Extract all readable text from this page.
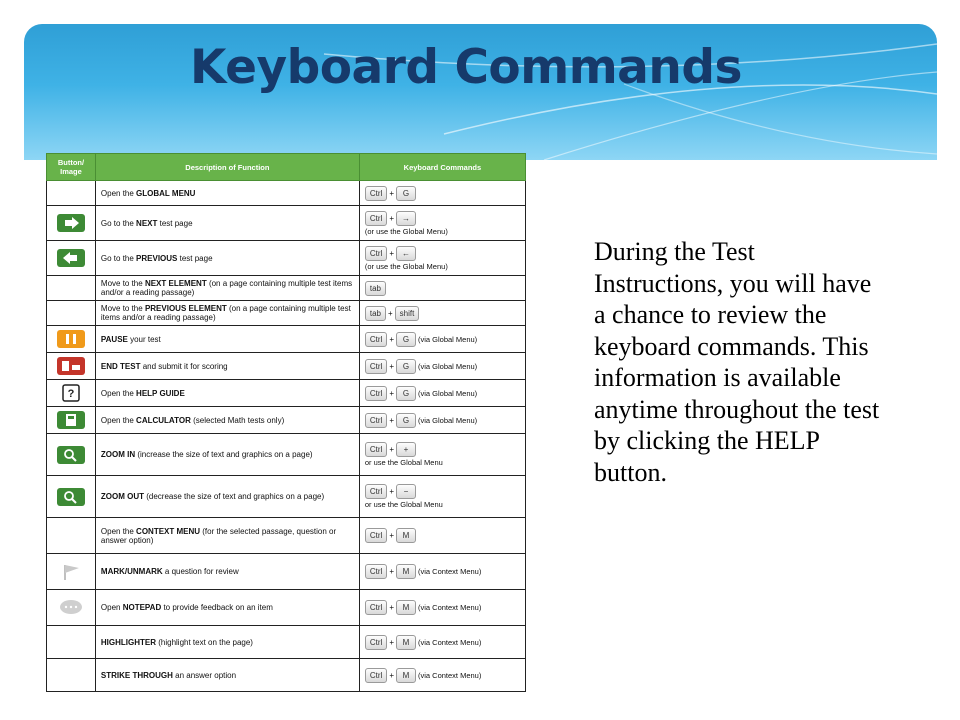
Keyboard Commands
Button/ Image	Description of Function	Keyboard Commands
	Open the GLOBAL MENU	Ctrl + G

	Go to the NEXT test page	Ctrl + →
(or use the Global Menu)

	Go to the PREVIOUS test page	Ctrl + ←
(or use the Global Menu)

	Move to the NEXT ELEMENT (on a page containing multiple test items and/or a reading passage)	tab
	Move to the PREVIOUS ELEMENT (on a page containing multiple test items and/or a reading passage)	tab + shift

	PAUSE your test	Ctrl + G (via Global Menu)

	END TEST and submit it for scoring	Ctrl + G (via Global Menu)

?	Open the HELP GUIDE	Ctrl + G (via Global Menu)

	Open the CALCULATOR (selected Math tests only)	Ctrl + G (via Global Menu)

	ZOOM IN (increase the size of text and graphics on a page)	Ctrl + +
or use the Global Menu

	ZOOM OUT (decrease the size of text and graphics on a page)	Ctrl + −
or use the Global Menu

	Open the CONTEXT MENU (for the selected passage, question or answer option)	Ctrl + M

	MARK/UNMARK a question for review	Ctrl + M (via Context Menu)

	Open NOTEPAD to provide feedback on an item	Ctrl + M (via Context Menu)
	HIGHLIGHTER (highlight text on the page)	Ctrl + M (via Context Menu)
	STRIKE THROUGH an answer option	Ctrl + M (via Context Menu)
During the Test Instructions, you will have a chance to review the keyboard commands. This information is available anytime throughout the test by clicking the HELP button.
